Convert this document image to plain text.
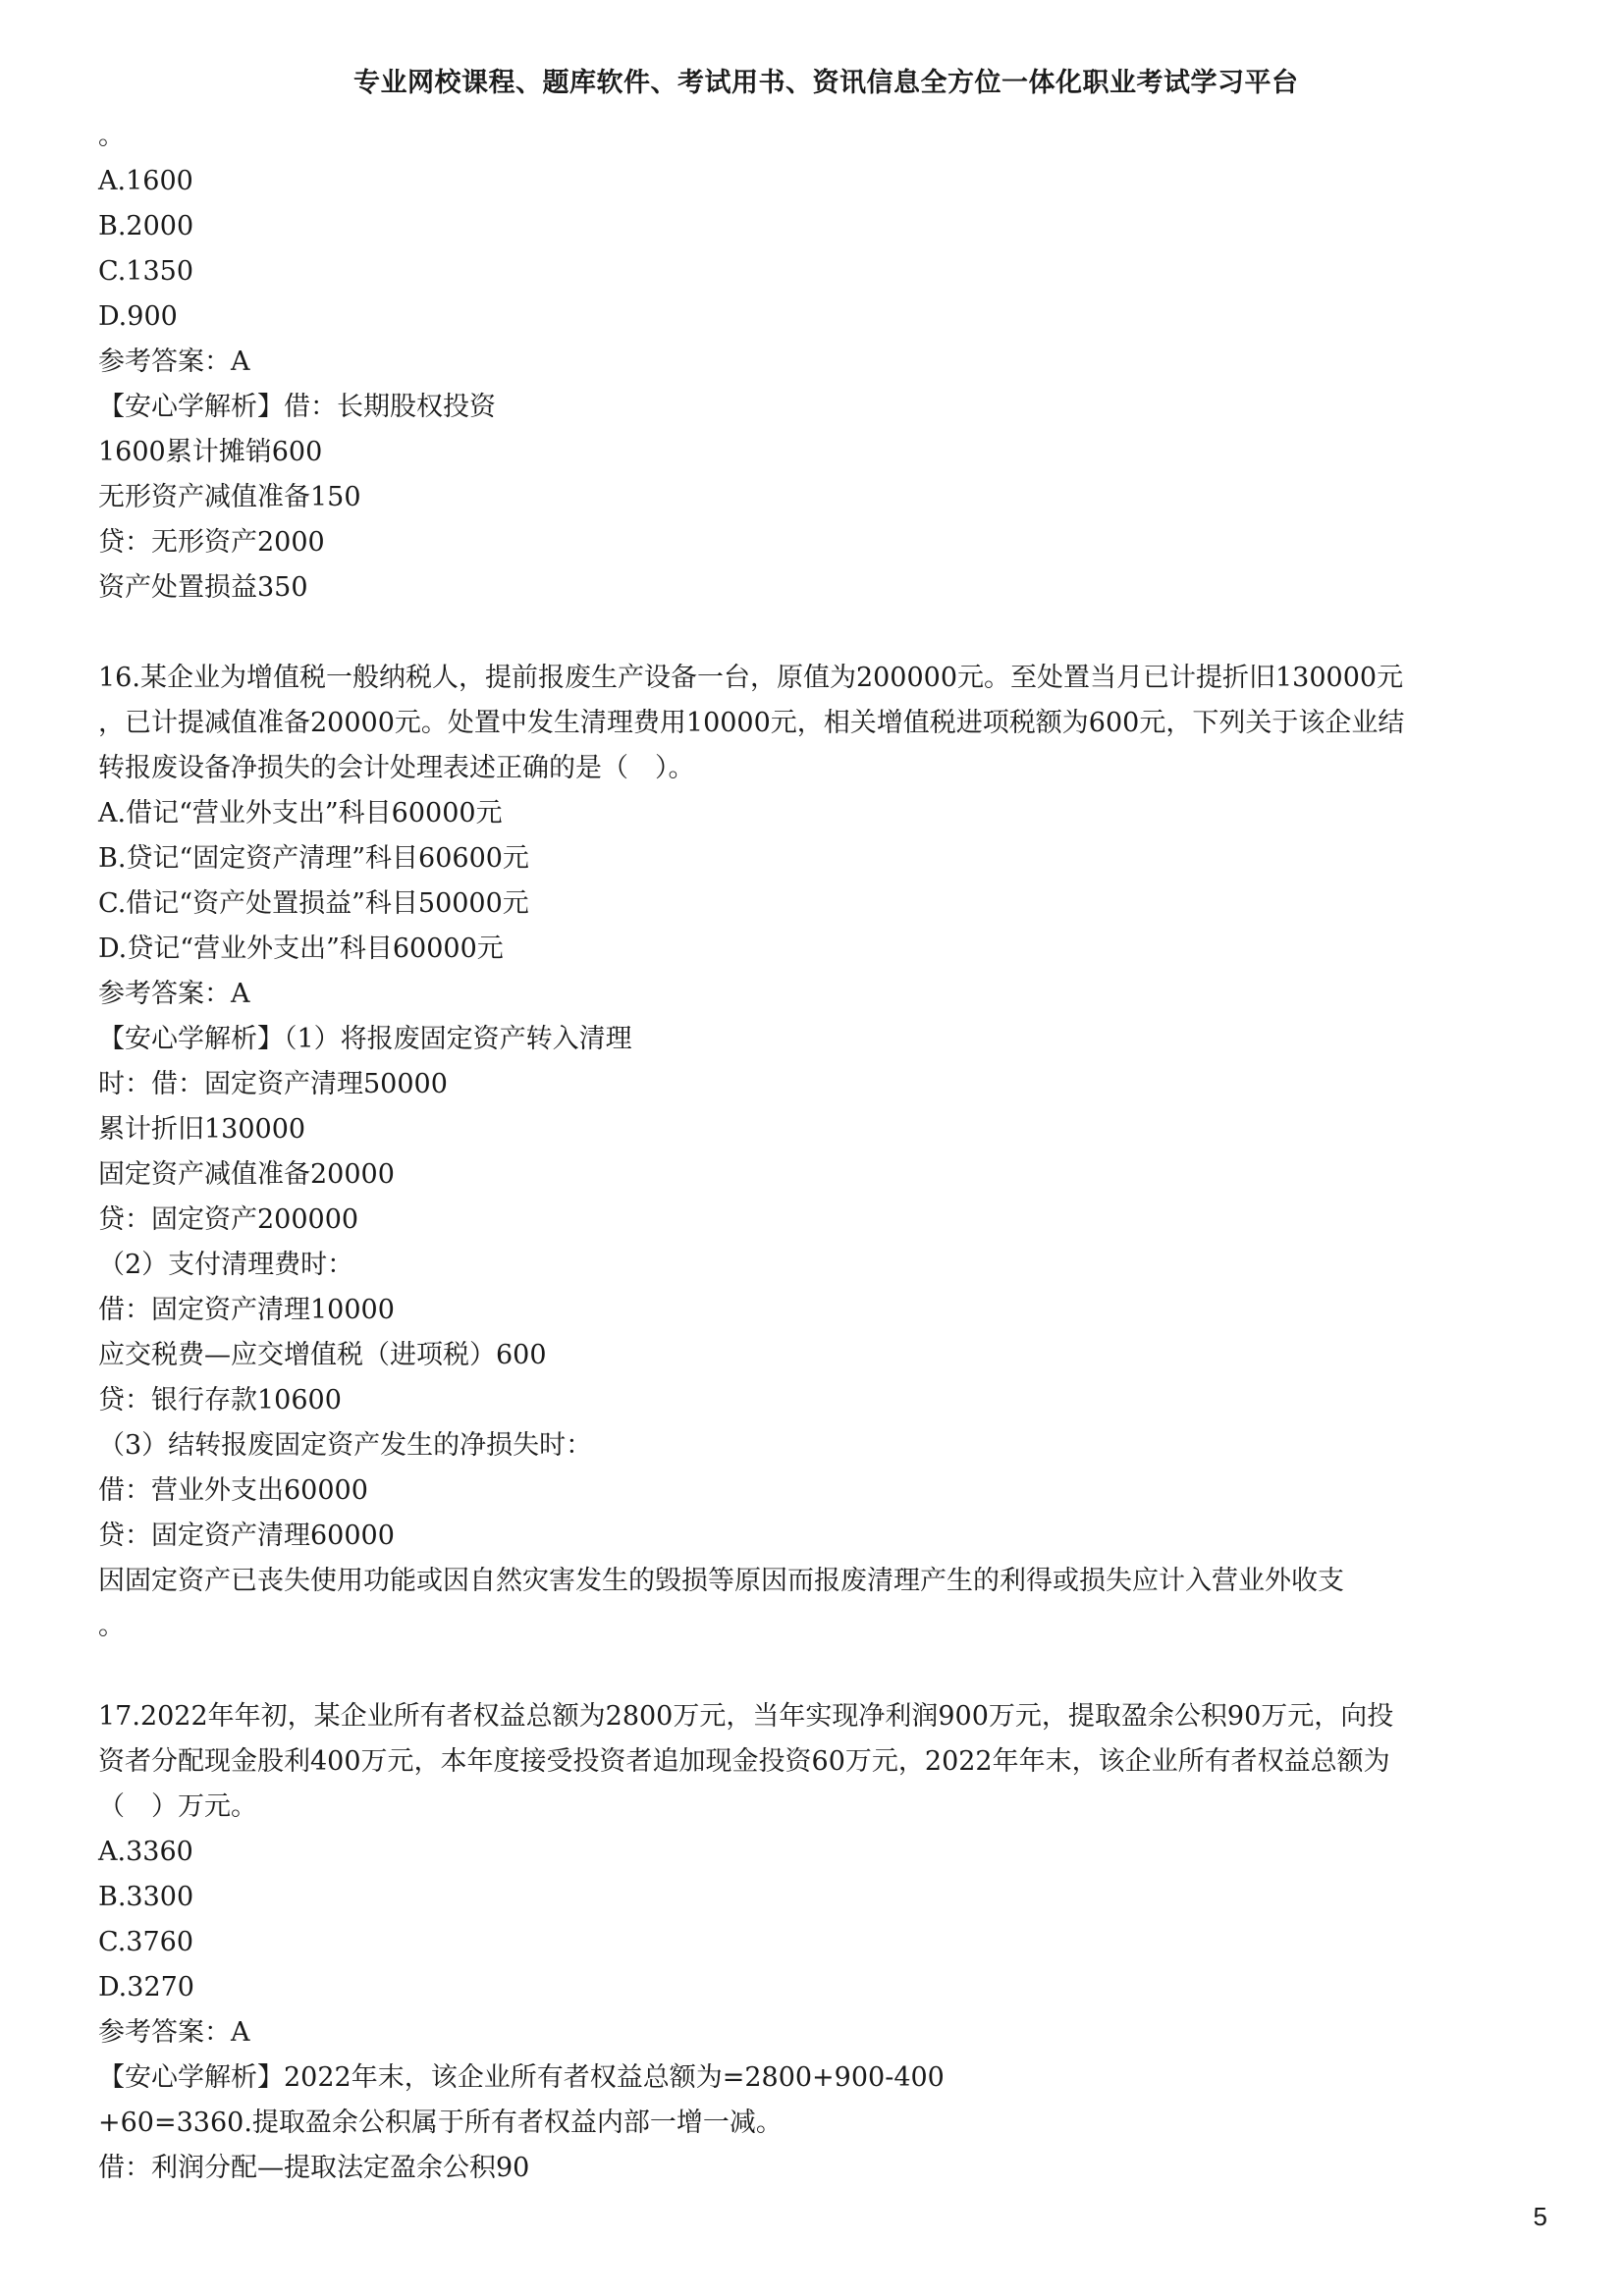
专业网校课程、题库软件、考试用书、资讯信息全方位一体化职业考试学习平台
。
A.1600
B.2000
C.1350
D.900
参考答案：A
【安心学解析】借：长期股权投资
1600累计摊销600
无形资产减值准备150
贷：无形资产2000
资产处置损益350
16.某企业为增值税一般纳税人，提前报废生产设备一台，原值为200000元。至处置当月已计提折旧130000元
，已计提减值准备20000元。处置中发生清理费用10000元，相关增值税进项税额为600元，下列关于该企业结
转报废设备净损失的会计处理表述正确的是（　）。
A.借记“营业外支出”科目60000元
B.贷记“固定资产清理”科目60600元
C.借记“资产处置损益”科目50000元
D.贷记“营业外支出”科目60000元
参考答案：A
【安心学解析】（1）将报废固定资产转入清理
时：借：固定资产清理50000
累计折旧130000
固定资产减值准备20000
贷：固定资产200000
（2）支付清理费时：
借：固定资产清理10000
应交税费—应交增值税（进项税）600
贷：银行存款10600
（3）结转报废固定资产发生的净损失时：
借：营业外支出60000
贷：固定资产清理60000
因固定资产已丧失使用功能或因自然灾害发生的毁损等原因而报废清理产生的利得或损失应计入营业外收支
。
17.2022年年初，某企业所有者权益总额为2800万元，当年实现净利润900万元，提取盈余公积90万元，向投
资者分配现金股利400万元，本年度接受投资者追加现金投资60万元，2022年年末，该企业所有者权益总额为
（　）万元。
A.3360
B.3300
C.3760
D.3270
参考答案：A
【安心学解析】2022年末，该企业所有者权益总额为=2800+900-400
+60=3360.提取盈余公积属于所有者权益内部一增一减。
借：利润分配—提取法定盈余公积90
5
